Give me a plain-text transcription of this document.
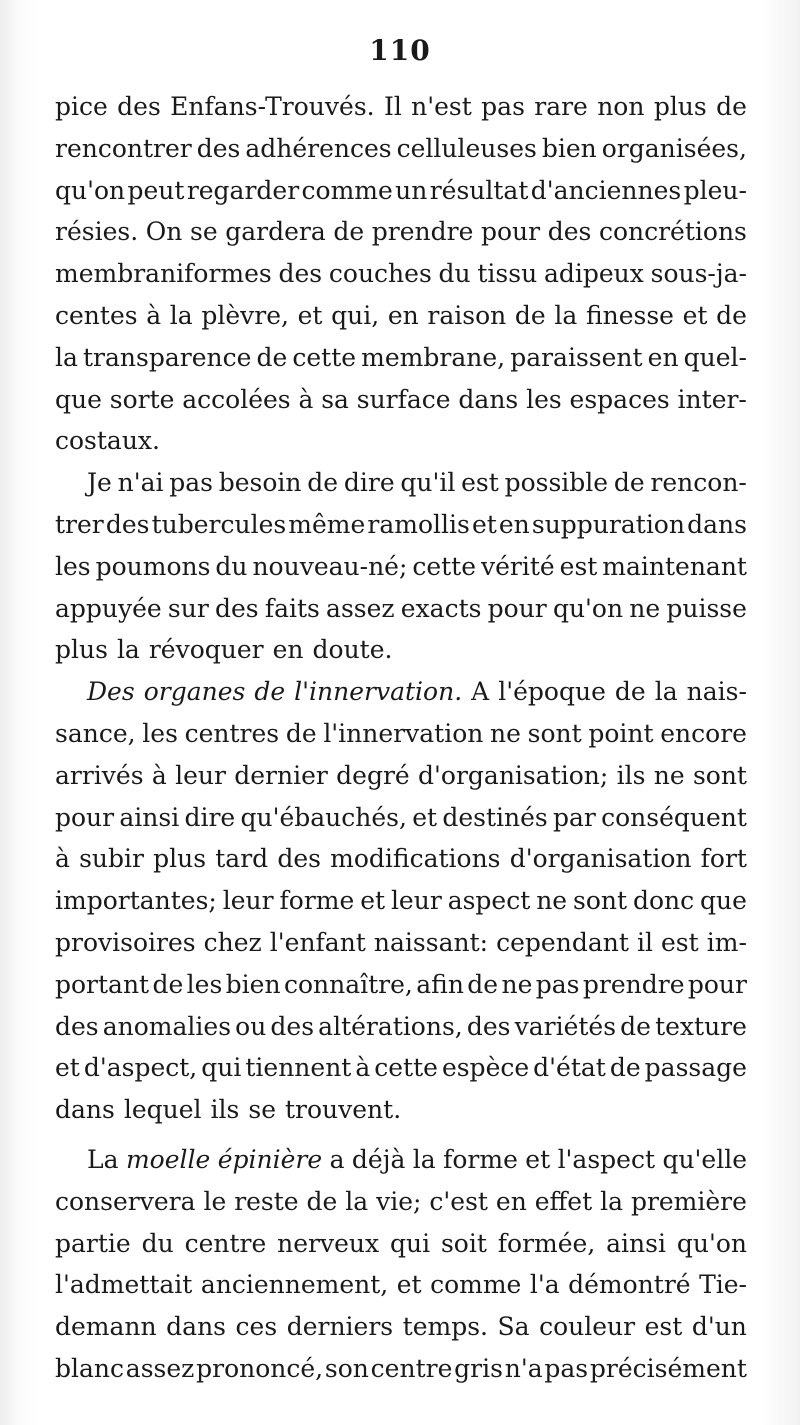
110
pice des Enfans-Trouvés. Il n'est pas rare non plus de
rencontrer des adhérences celluleuses bien organisées,
qu'on peut regarder comme un résultat d'anciennes pleu-
résies. On se gardera de prendre pour des concrétions
membraniformes des couches du tissu adipeux sous-ja-
centes à la plèvre, et qui, en raison de la finesse et de
la transparence de cette membrane, paraissent en quel-
que sorte accolées à sa surface dans les espaces inter-
costaux.
Je n'ai pas besoin de dire qu'il est possible de rencon-
trer des tubercules même ramollis et en suppuration dans
les poumons du nouveau-né; cette vérité est maintenant
appuyée sur des faits assez exacts pour qu'on ne puisse
plus la révoquer en doute.
Des organes de l'innervation. A l'époque de la nais-
sance, les centres de l'innervation ne sont point encore
arrivés à leur dernier degré d'organisation; ils ne sont
pour ainsi dire qu'ébauchés, et destinés par conséquent
à subir plus tard des modifications d'organisation fort
importantes; leur forme et leur aspect ne sont donc que
provisoires chez l'enfant naissant: cependant il est im-
portant de les bien connaître, afin de ne pas prendre pour
des anomalies ou des altérations, des variétés de texture
et d'aspect, qui tiennent à cette espèce d'état de passage
dans lequel ils se trouvent.
La moelle épinière a déjà la forme et l'aspect qu'elle
conservera le reste de la vie; c'est en effet la première
partie du centre nerveux qui soit formée, ainsi qu'on
l'admettait anciennement, et comme l'a démontré Tie-
demann dans ces derniers temps. Sa couleur est d'un
blanc assez prononcé, son centre gris n'a pas précisément
